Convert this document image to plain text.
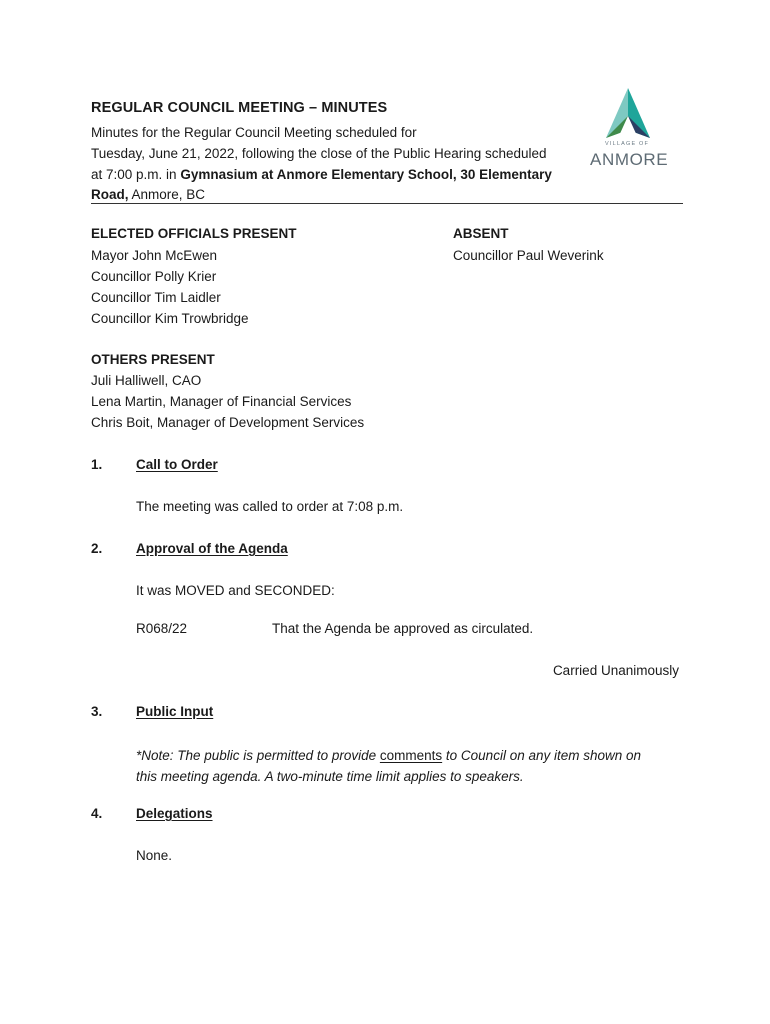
REGULAR COUNCIL MEETING – MINUTES
Minutes for the Regular Council Meeting scheduled for
Tuesday, June 21, 2022, following the close of the Public Hearing scheduled
at 7:00 p.m. in Gymnasium at Anmore Elementary School, 30 Elementary
Road, Anmore, BC
VILLAGE OF
ANMORE
ELECTED OFFICIALS PRESENT
Mayor John McEwen
Councillor Polly Krier
Councillor Tim Laidler
Councillor Kim Trowbridge
ABSENT
Councillor Paul Weverink
OTHERS PRESENT
Juli Halliwell, CAO
Lena Martin, Manager of Financial Services
Chris Boit, Manager of Development Services
1. Call to Order
The meeting was called to order at 7:08 p.m.
2. Approval of the Agenda
It was MOVED and SECONDED:
R068/22	That the Agenda be approved as circulated.
Carried Unanimously
3. Public Input
*Note: The public is permitted to provide comments to Council on any item shown on
this meeting agenda. A two-minute time limit applies to speakers.
4. Delegations
None.
